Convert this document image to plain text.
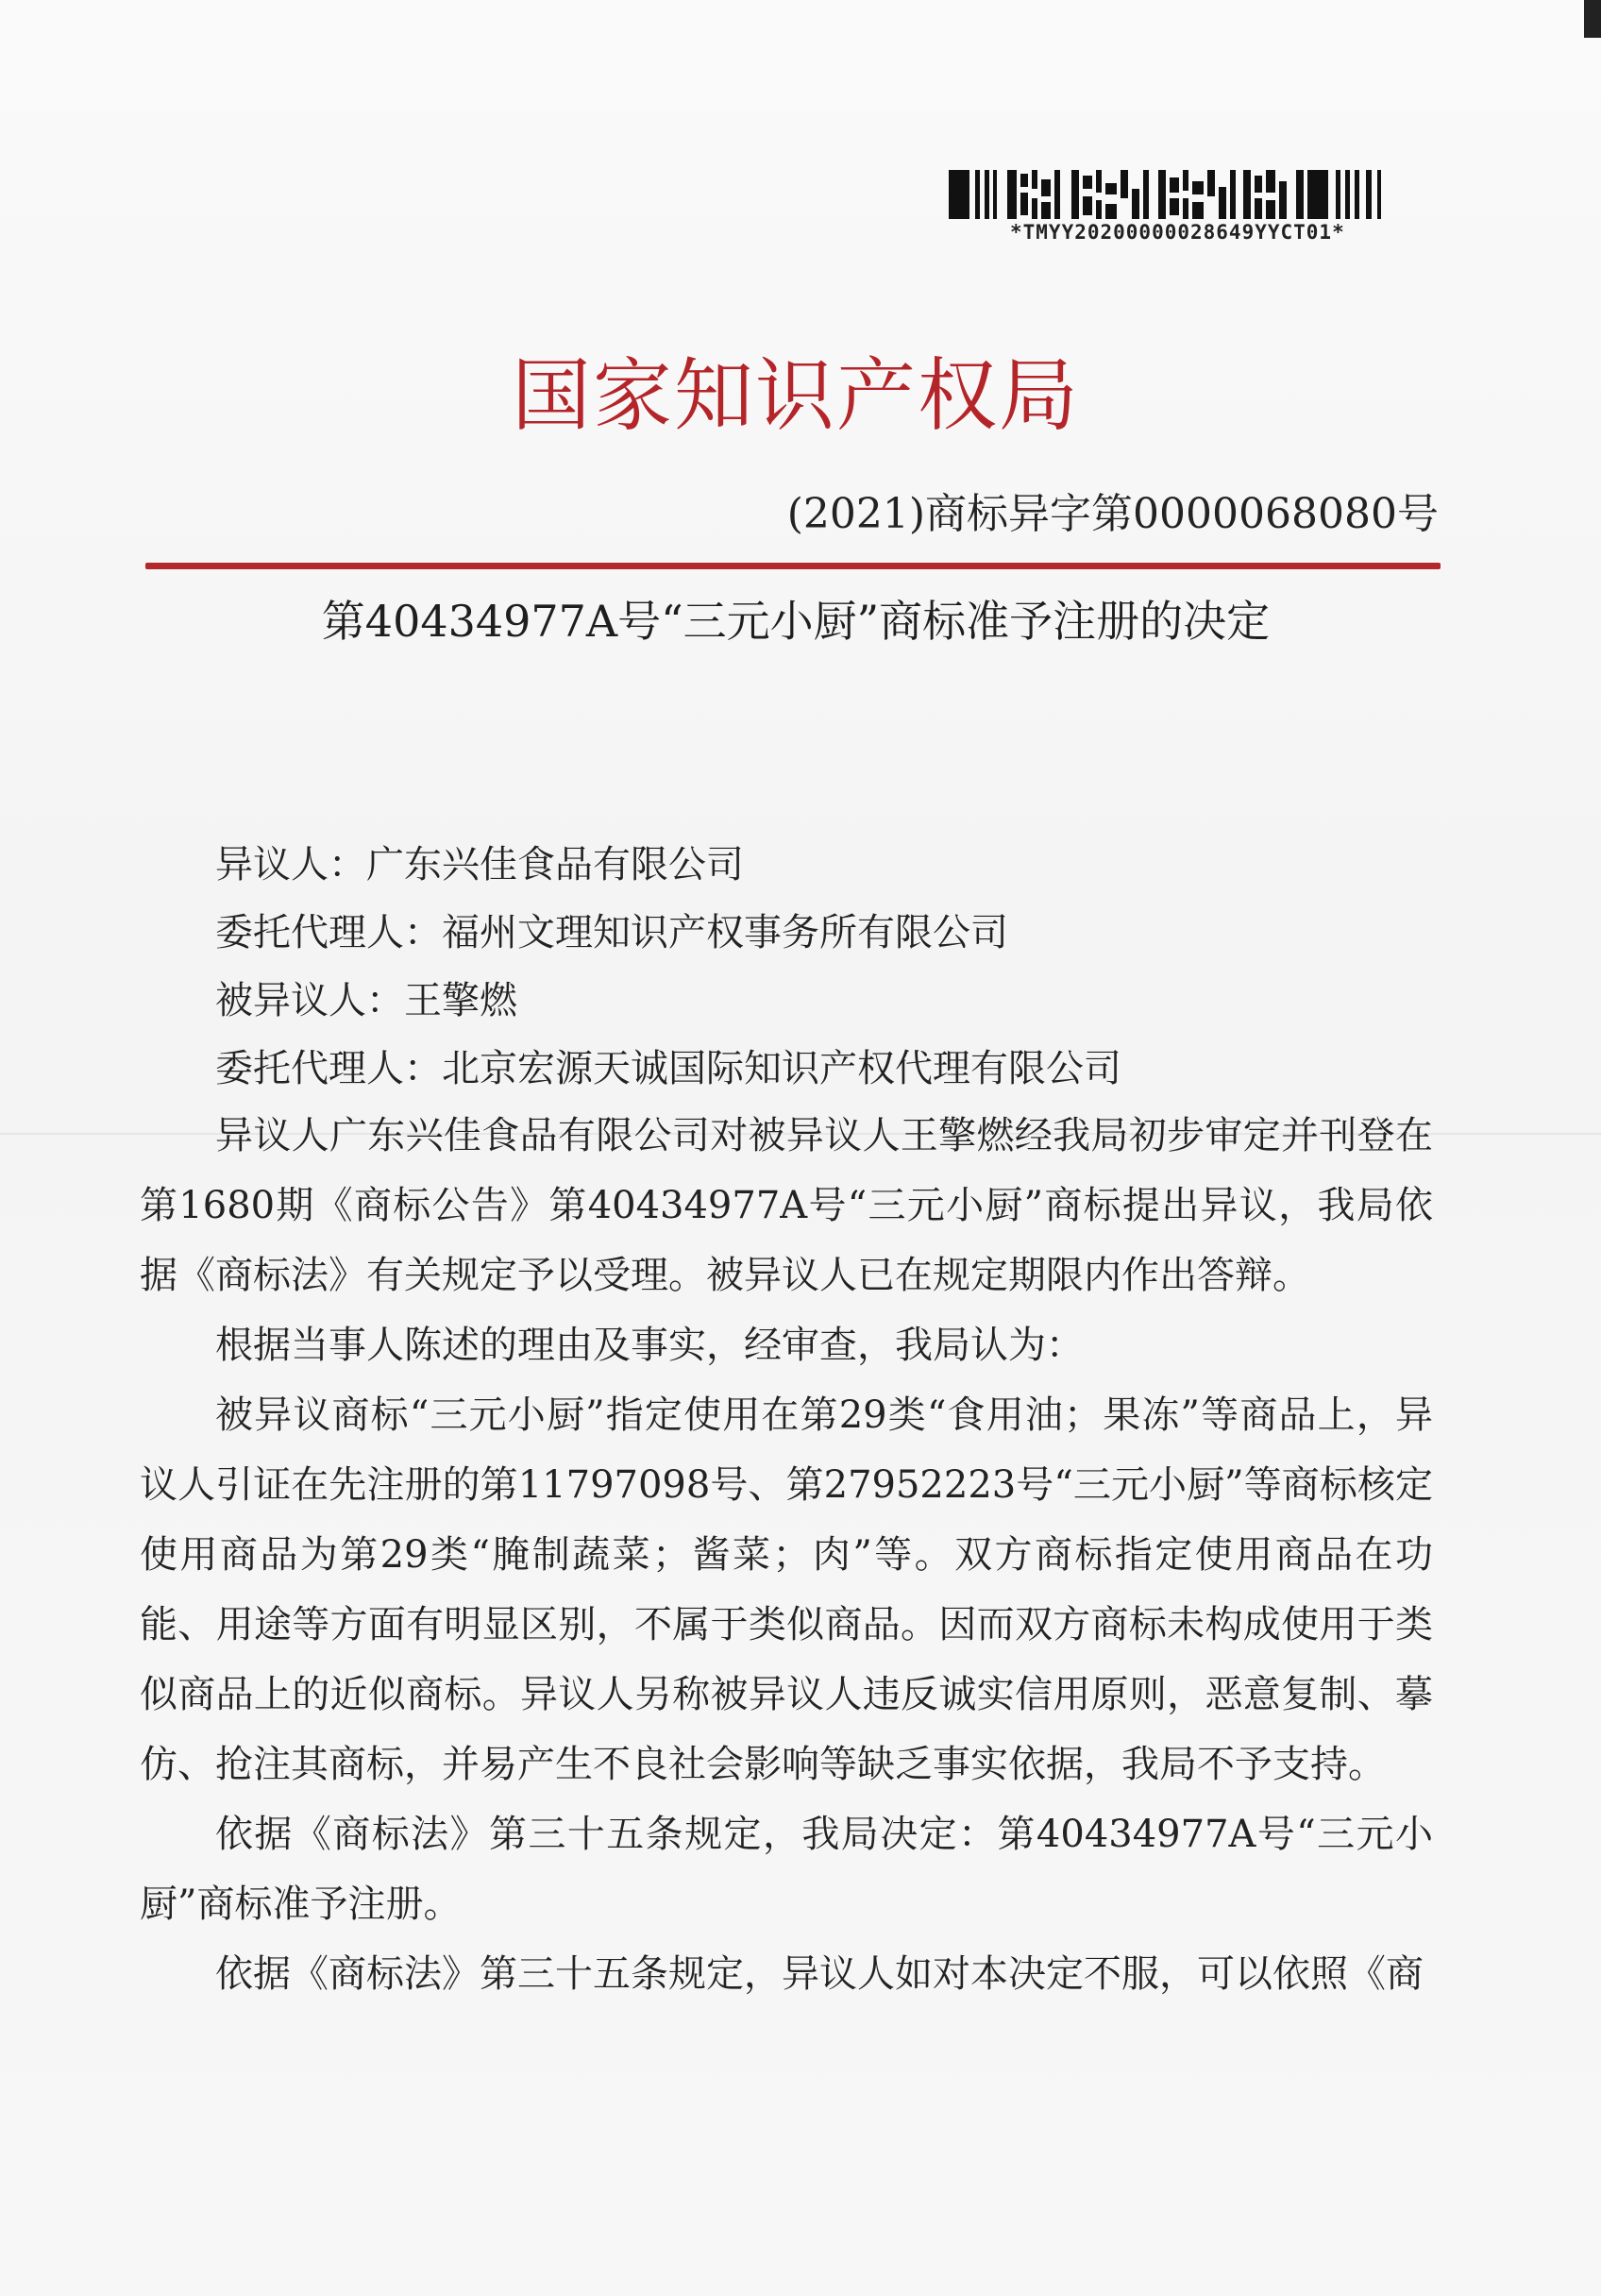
*TMYY20200000028649YYCT01*
国家知识产权局
(2021)商标异字第0000068080号
第40434977A号“三元小厨”商标准予注册的决定
异议人：广东兴佳食品有限公司
委托代理人：福州文理知识产权事务所有限公司
被异议人：王擎燃
委托代理人：北京宏源天诚国际知识产权代理有限公司

异议人广东兴佳食品有限公司对被异议人王擎燃经我局初步审定并刊登在第1680期《商标公告》第40434977A号“三元小厨”商标提出异议，我局依据《商标法》有关规定予以受理。被异议人已在规定期限内作出答辩。

根据当事人陈述的理由及事实，经审查，我局认为：

被异议商标“三元小厨”指定使用在第29类“食用油；果冻”等商品上，异议人引证在先注册的第11797098号、第27952223号“三元小厨”等商标核定使用商品为第29类“腌制蔬菜；酱菜；肉”等。双方商标指定使用商品在功能、用途等方面有明显区别，不属于类似商品。因而双方商标未构成使用于类似商品上的近似商标。异议人另称被异议人违反诚实信用原则，恶意复制、摹仿、抢注其商标，并易产生不良社会影响等缺乏事实依据，我局不予支持。

依据《商标法》第三十五条规定，我局决定：第40434977A号“三元小厨”商标准予注册。

依据《商标法》第三十五条规定，异议人如对本决定不服，可以依照《商
